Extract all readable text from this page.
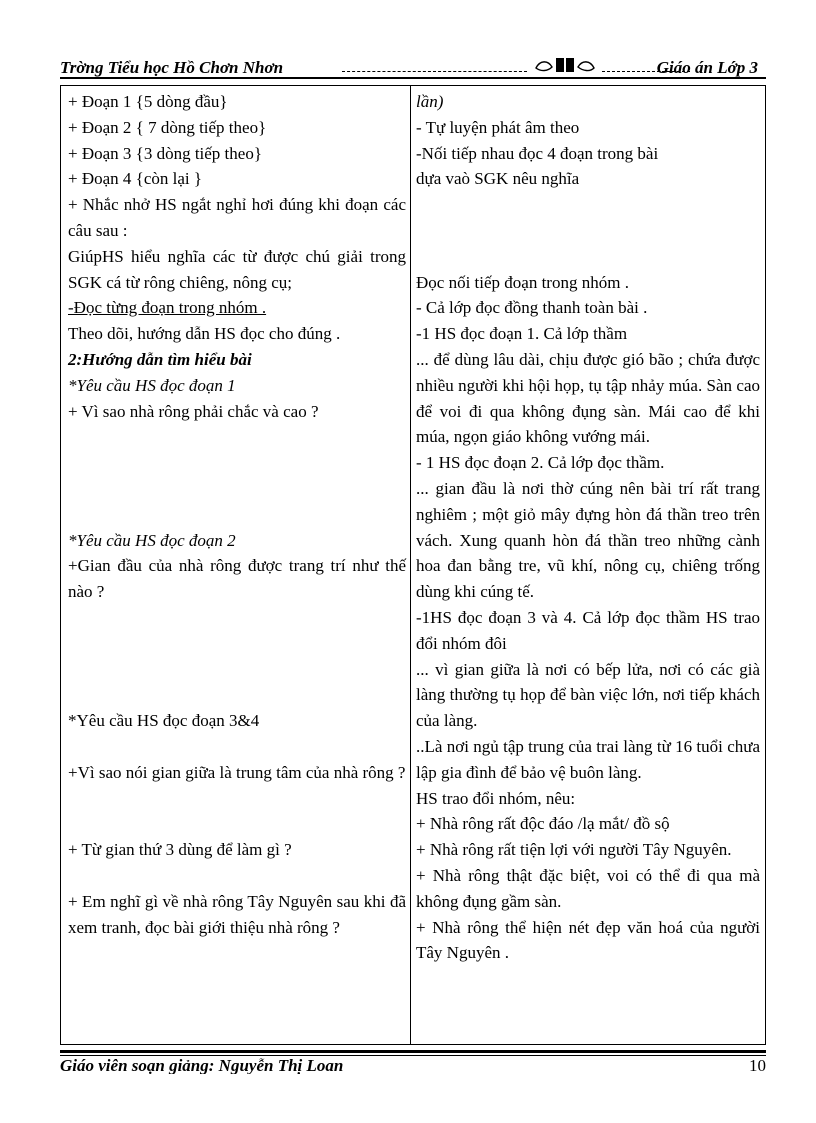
Trờng Tiểu học Hồ Chơn Nhơn	Giáo án Lớp 3
+ Đoạn 1 {5 dòng đầu}
+ Đoạn 2 { 7 dòng tiếp theo}
+ Đoạn 3 {3 dòng tiếp theo}
+ Đoạn 4 {còn lại }
+ Nhắc nhở HS ngắt nghỉ hơi đúng khi đoạn các câu sau :
GiúpHS hiểu nghĩa các từ được chú giải trong SGK cá từ rông chiêng, nông cụ;
-Đọc từng đoạn trong nhóm .
Theo dõi, hướng dẫn HS đọc cho đúng .
2:Hướng dẫn tìm hiểu bài
*Yêu cầu HS đọc đoạn 1
+ Vì sao nhà rông phải chắc và cao ?
*Yêu cầu HS đọc đoạn 2
+Gian đầu của nhà rông được trang trí như thế nào ?
*Yêu cầu HS đọc đoạn 3&4
+Vì sao nói gian giữa là trung tâm của nhà rông ?
+ Từ gian thứ 3 dùng để làm gì ?
+ Em nghĩ gì về nhà rông Tây Nguyên sau khi đã xem tranh, đọc bài giới thiệu nhà rông ?
lần)
- Tự luyện phát âm theo
-Nối tiếp nhau đọc 4 đoạn trong bài
dựa vaò SGK nêu nghĩa
Đọc nối tiếp đoạn trong nhóm .
- Cả lớp đọc đồng thanh toàn bài .
-1 HS đọc đoạn 1. Cả lớp thầm
... để dùng lâu dài, chịu được gió bão ; chứa được nhiều người khi hội họp, tụ tập nhảy múa. Sàn cao để voi đi qua không đụng sàn. Mái cao để khi múa, ngọn giáo không vướng mái.
- 1 HS đọc đoạn 2. Cả lớp đọc thầm.
... gian đầu là nơi thờ cúng nên bài trí rất trang nghiêm ; một giỏ mây đựng hòn đá thần treo trên vách. Xung quanh hòn đá thần treo những cành hoa đan bằng tre, vũ khí, nông cụ, chiêng trống dùng khi cúng tế.
-1HS đọc đoạn 3 và 4. Cả lớp đọc thầm HS trao đổi nhóm đôi
... vì gian giữa là nơi có bếp lửa, nơi có các già làng thường tụ họp để bàn việc lớn, nơi tiếp khách của làng.
..Là nơi ngủ tập trung của trai làng từ 16 tuổi chưa lập gia đình để bảo vệ buôn làng.
HS trao đổi nhóm, nêu:
+ Nhà rông rất độc đáo /lạ mắt/ đồ sộ
+ Nhà rông rất tiện lợi với người Tây Nguyên.
+ Nhà rông thật đặc biệt, voi có thể đi qua mà không đụng gầm sàn.
+ Nhà rông thể hiện nét đẹp văn hoá của người Tây Nguyên .
Giáo viên soạn giảng: Nguyễn Thị Loan	10
